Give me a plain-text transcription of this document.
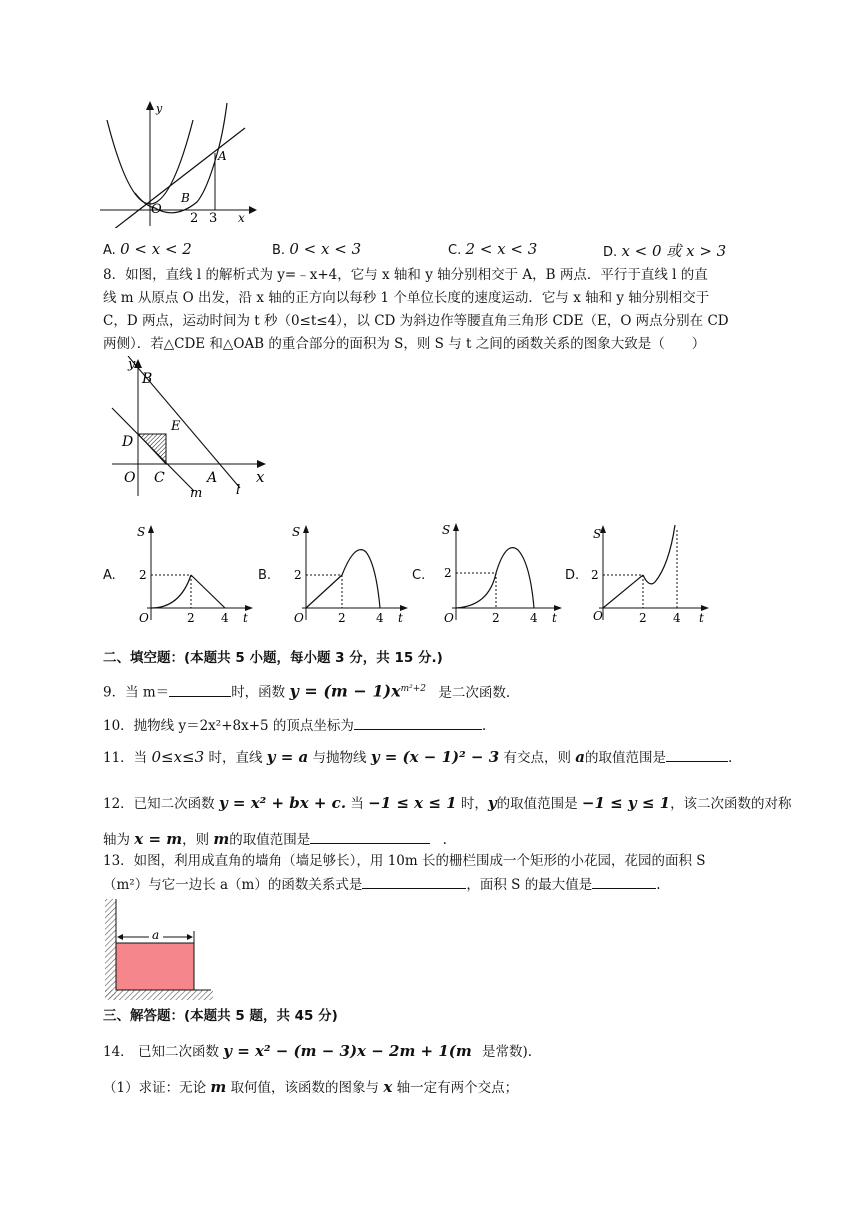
y
x
O
A
B
2 3
A. 0 < x < 2	B. 0 < x < 3	C. 2 < x < 3	D. x < 0 或 x > 3
8．如图，直线 l 的解析式为 y=﹣x+4，它与 x 轴和 y 轴分别相交于 A，B 两点．平行于直线 l 的直
线 m 从原点 O 出发，沿 x 轴的正方向以每秒 1 个单位长度的速度运动．它与 x 轴和 y 轴分别相交于
C，D 两点，运动时间为 t 秒（0≤t≤4），以 CD 为斜边作等腰直角三角形 CDE（E，O 两点分别在 CD
两侧）．若△CDE 和△OAB 的重合部分的面积为 S，则 S 与 t 之间的函数关系的图象大致是（　　）
y
x
B
D
E
O C	A
m	l
A.
S
t
O
2
2 4
B.
S
t
O
2
2	4
C.
S
t
O
2
2	4
D.
S
t
O
2
2 4
二、填空题：(本题共 5 小题，每小题 3 分，共 15 分.)
9．当 m＝	时，函数 $y = (m - 1)x^{m^2+2}$ 是二次函数.
10．抛物线 y＝2x²+8x+5 的顶点坐标为	.
11．当 0≤x≤3 时，直线 y = a 与抛物线 y = (x − 1)² − 3 有交点，则 a的取值范围是	.
12．已知二次函数 y = x² + bx + c. 当 −1 ≤ x ≤ 1 时，y的取值范围是 −1 ≤ y ≤ 1，该二次函数的对称
轴为 x = m，则 m的取值范围是	.
13．如图，利用成直角的墙角（墙足够长），用 10m 长的栅栏围成一个矩形的小花园，花园的面积 S
（m²）与它一边长 a（m）的函数关系式是	，面积 S 的最大值是	.
a
三、解答题：(本题共 5 题，共 45 分)
14． 已知二次函数 y = x² − (m − 3)x − 2m + 1(m 是常数).
（1）求证：无论 m 取何值，该函数的图象与 x 轴一定有两个交点；
